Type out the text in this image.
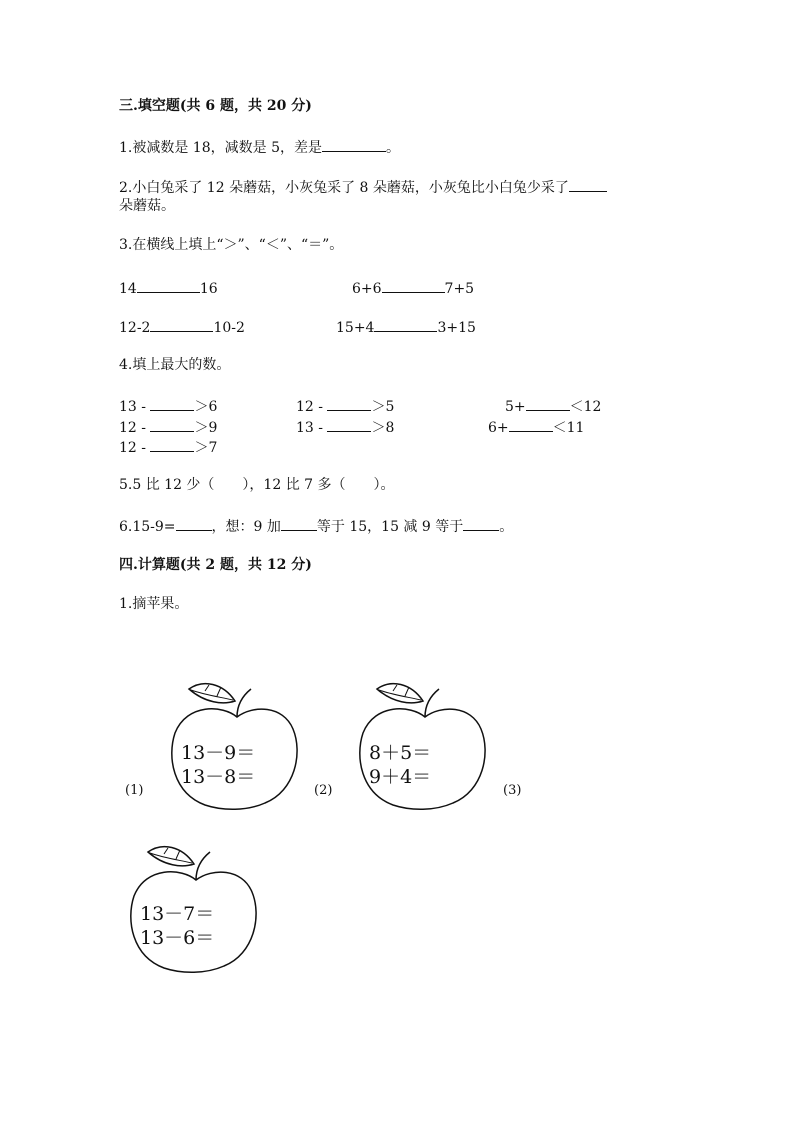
三.填空题(共 6 题，共 20 分)
1.被减数是 18，减数是 5，差是	。
2.小白兔采了 12 朵蘑菇，小灰兔采了 8 朵蘑菇，小灰兔比小白兔少采了
朵蘑菇。
3.在横线上填上“＞”、“＜”、“＝”。
14	16	6+6	7+5
12-2	10-2	15+4	3+15
4.填上最大的数。
13 -	＞6	12 -	＞5	5+	＜12
12 -	＞9	13 -	＞8	6+	＜11
12 -	＞7
5.5 比 12 少（　　），12 比 7 多（　　）。
6.15-9=	，想：9 加	等于 15，15 减 9 等于	。
四.计算题(共 2 题，共 12 分)
1.摘苹果。
13－9＝
13－8＝
(1)
8＋5＝
9＋4＝
(2)	(3)
13－7＝
13－6＝
